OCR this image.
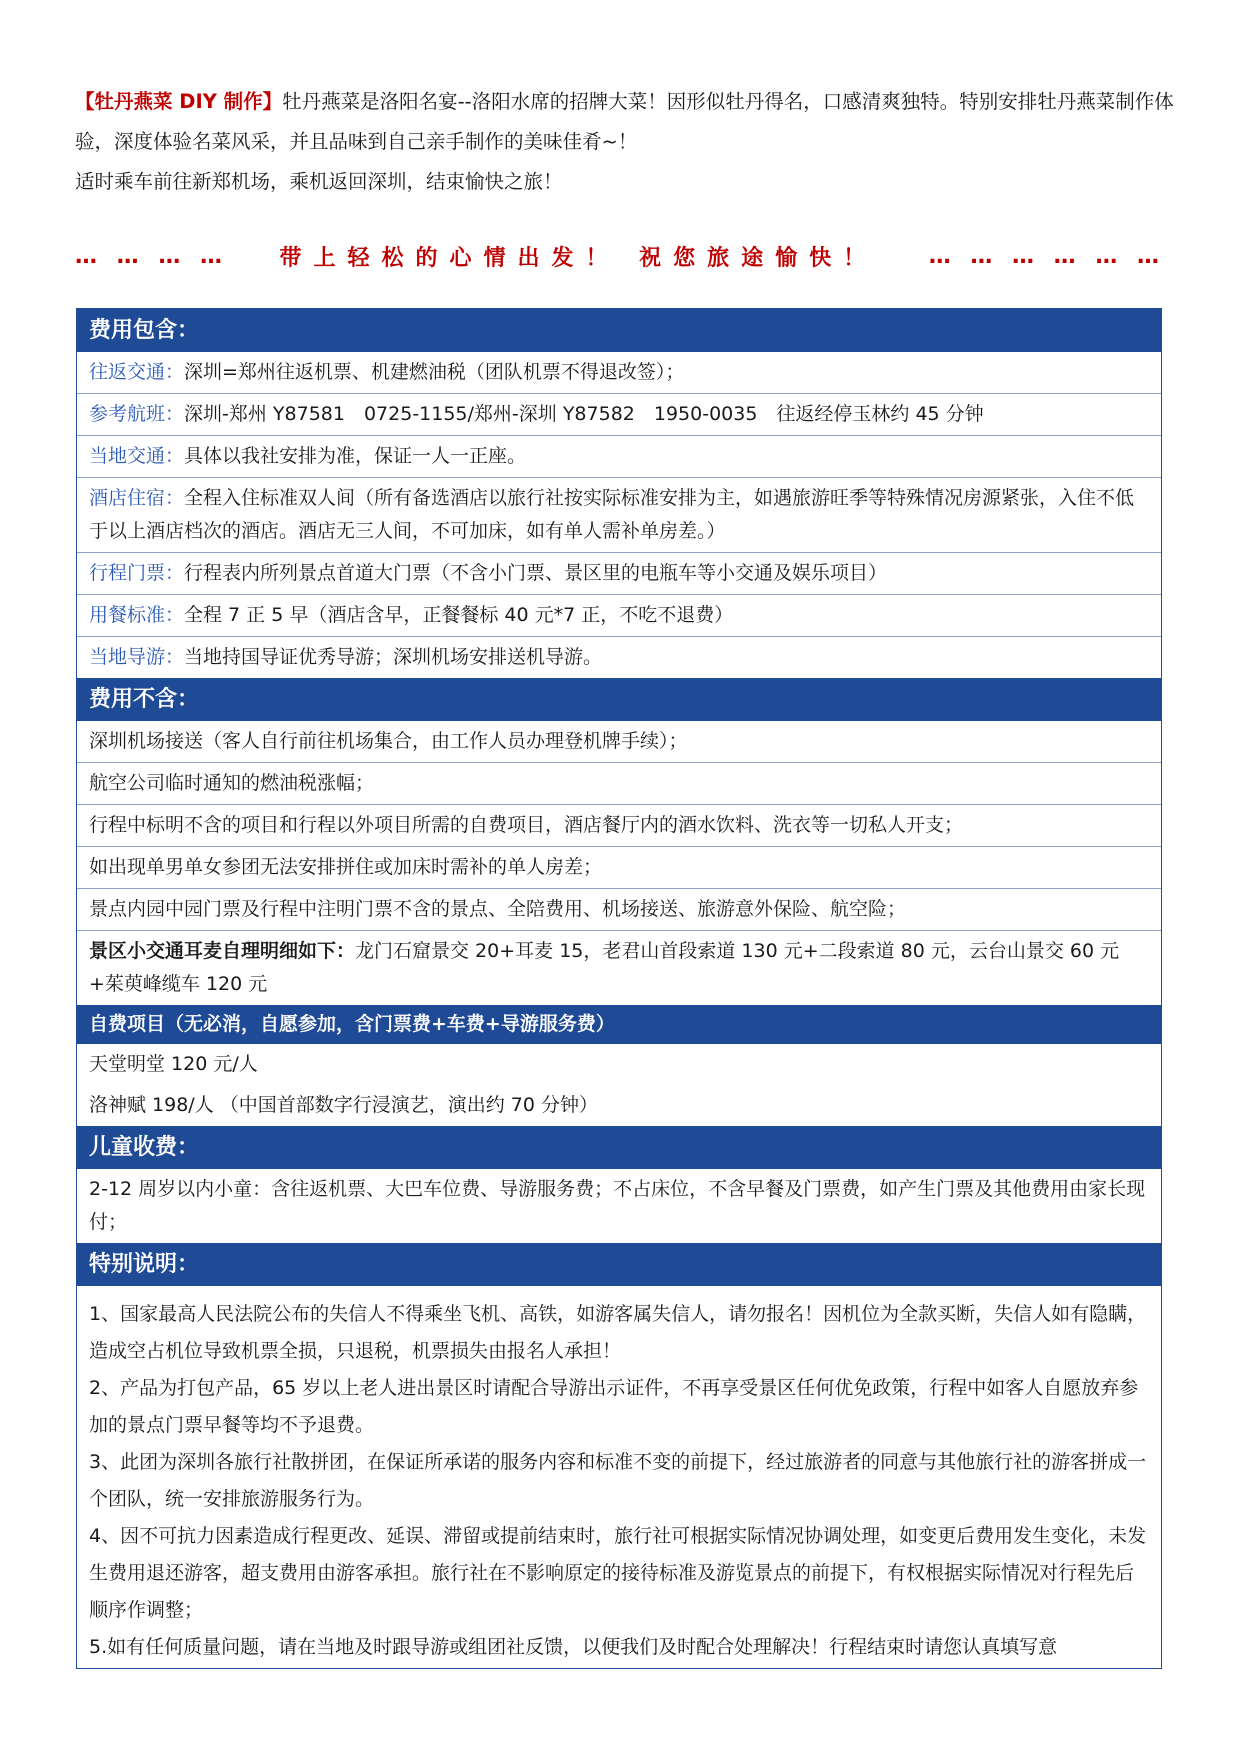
【牡丹燕菜 DIY 制作】牡丹燕菜是洛阳名宴--洛阳水席的招牌大菜！因形似牡丹得名，口感清爽独特。特别安排牡丹燕菜制作体验，深度体验名菜风采，并且品味到自己亲手制作的美味佳肴~！

适时乘车前往新郑机场，乘机返回深圳，结束愉快之旅！

… … … … 带上轻松的心情出发！ 祝您旅途愉快！ … … … … … …
费用包含：
往返交通：深圳=郑州往返机票、机建燃油税（团队机票不得退改签）；
参考航班：深圳-郑州 Y87581　0725-1155/郑州-深圳 Y87582　1950-0035　往返经停玉林约 45 分钟
当地交通：具体以我社安排为准，保证一人一正座。
酒店住宿：全程入住标准双人间（所有备选酒店以旅行社按实际标准安排为主，如遇旅游旺季等特殊情况房源紧张，入住不低于以上酒店档次的酒店。酒店无三人间，不可加床，如有单人需补单房差。）
行程门票：行程表内所列景点首道大门票（不含小门票、景区里的电瓶车等小交通及娱乐项目）
用餐标准：全程 7 正 5 早（酒店含早，正餐餐标 40 元*7 正，不吃不退费）
当地导游：当地持国导证优秀导游；深圳机场安排送机导游。
费用不含：
深圳机场接送（客人自行前往机场集合，由工作人员办理登机牌手续）；
航空公司临时通知的燃油税涨幅；
行程中标明不含的项目和行程以外项目所需的自费项目，酒店餐厅内的酒水饮料、洗衣等一切私人开支；
如出现单男单女参团无法安排拼住或加床时需补的单人房差；
景点内园中园门票及行程中注明门票不含的景点、全陪费用、机场接送、旅游意外保险、航空险；
景区小交通耳麦自理明细如下：龙门石窟景交 20+耳麦 15，老君山首段索道 130 元+二段索道 80 元，云台山景交 60 元+茱萸峰缆车 120 元
自费项目（无必消，自愿参加，含门票费+车费+导游服务费）
天堂明堂 120 元/人
洛神赋 198/人 （中国首部数字行浸演艺，演出约 70 分钟）
儿童收费：
2-12 周岁以内小童：含往返机票、大巴车位费、导游服务费；不占床位，不含早餐及门票费，如产生门票及其他费用由家长现付；
特别说明：

1、国家最高人民法院公布的失信人不得乘坐飞机、高铁，如游客属失信人，请勿报名！因机位为全款买断，失信人如有隐瞒，造成空占机位导致机票全损，只退税，机票损失由报名人承担！

2、产品为打包产品，65 岁以上老人进出景区时请配合导游出示证件，不再享受景区任何优免政策，行程中如客人自愿放弃参加的景点门票早餐等均不予退费。

3、此团为深圳各旅行社散拼团，在保证所承诺的服务内容和标准不变的前提下，经过旅游者的同意与其他旅行社的游客拼成一个团队，统一安排旅游服务行为。

4、因不可抗力因素造成行程更改、延误、滞留或提前结束时，旅行社可根据实际情况协调处理，如变更后费用发生变化，未发生费用退还游客，超支费用由游客承担。旅行社在不影响原定的接待标准及游览景点的前提下，有权根据实际情况对行程先后顺序作调整；

5.如有任何质量问题，请在当地及时跟导游或组团社反馈，以便我们及时配合处理解决！行程结束时请您认真填写意
